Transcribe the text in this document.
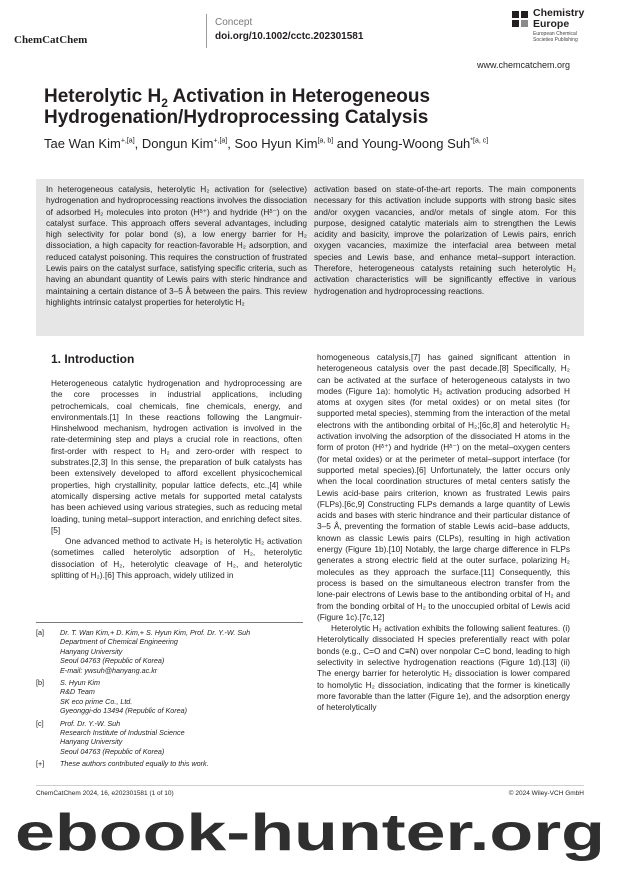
ChemCatChem
Concept
doi.org/10.1002/cctc.202301581
Chemistry
Europe
European Chemical
Societies Publishing
www.chemcatchem.org
Heterolytic $H_2$ Activation in Heterogeneous
Hydrogenation/Hydroprocessing Catalysis
Tae Wan Kim$^{+,[a]}$, Dongun Kim$^{+,[a]}$, Soo Hyun Kim[a, b] and Young-Woong Suh$^{*[a, c]}$
In heterogeneous catalysis, heterolytic H₂ activation for (selective) hydrogenation and hydroprocessing reactions involves the dissociation of adsorbed H₂ molecules into proton (Hᵟ⁺) and hydride (Hᵟ⁻) on the catalyst surface. This approach offers several advantages, including high selectivity for polar bond (s), a low energy barrier for H₂ dissociation, a high capacity for reaction-favorable H₂ adsorption, and reduced catalyst poisoning. This requires the construction of frustrated Lewis pairs on the catalyst surface, satisfying specific criteria, such as having an abundant quantity of Lewis pairs with steric hindrance and maintaining a certain distance of 3–5 Å between the pairs. This review highlights intrinsic catalyst properties for heterolytic H₂
activation based on state-of-the-art reports. The main components necessary for this activation include supports with strong basic sites and/or oxygen vacancies, and/or metals of single atom. For this purpose, designed catalytic materials aim to strengthen the Lewis acidity and basicity, improve the polarization of Lewis pairs, enrich oxygen vacancies, maximize the interfacial area between metal species and Lewis base, and enhance metal–support interaction. Therefore, heterogeneous catalysts retaining such heterolytic H₂ activation characteristics will be significantly effective in various hydrogenation and hydroprocessing reactions.
1. Introduction

Heterogeneous catalytic hydrogenation and hydroprocessing are the core processes in industrial applications, including petrochemicals, coal chemicals, fine chemicals, energy, and environmentals.[1] In these reactions following the Langmuir-Hinshelwood mechanism, hydrogen activation is involved in the rate-determining step and plays a crucial role in reactions, often first-order with respect to H₂ and zero-order with respect to substrates.[2,3] In this sense, the preparation of bulk catalysts has been extensively developed to afford excellent physicochemical properties, high crystallinity, popular lattice defects, etc.,[4] while atomically dispersing active metals for supported metal catalysts has been achieved using various strategies, such as reducing metal loading, tuning metal–support interaction, and enriching defect sites.[5]

One advanced method to activate H₂ is heterolytic H₂ activation (sometimes called heterolytic adsorption of H₂, heterolytic dissociation of H₂, heterolytic cleavage of H₂, and heterolytic splitting of H₂).[6] This approach, widely utilized in

homogeneous catalysis,[7] has gained significant attention in heterogeneous catalysis over the past decade.[8] Specifically, H₂ can be activated at the surface of heterogeneous catalysts in two modes (Figure 1a): homolytic H₂ activation producing adsorbed H atoms at oxygen sites (for metal oxides) or on metal sites (for supported metal species), stemming from the interaction of the metal electrons with the antibonding orbital of H₂;[6c,8] and heterolytic H₂ activation involving the adsorption of the dissociated H atoms in the form of proton (Hᵟ⁺) and hydride (Hᵟ⁻) on the metal–oxygen centers (for metal oxides) or at the perimeter of metal–support interface (for supported metal species).[6] Unfortunately, the latter occurs only when the local coordination structures of metal centers satisfy the Lewis acid-base pairs criterion, known as frustrated Lewis pairs (FLPs).[6c,9] Constructing FLPs demands a large quantity of Lewis acids and bases with steric hindrance and their particular distance of 3–5 Å, preventing the formation of stable Lewis acid–base adducts, known as classic Lewis pairs (CLPs), resulting in high activation energy (Figure 1b).[10] Notably, the large charge difference in FLPs generates a strong electric field at the outer surface, polarizing H₂ molecules as they approach the surface.[11] Consequently, this process is based on the simultaneous electron transfer from the lone-pair electrons of Lewis base to the antibonding orbital of H₂ and from the bonding orbital of H₂ to the unoccupied orbital of Lewis acid (Figure 1c).[7c,12]

Heterolytic H₂ activation exhibits the following salient features. (i) Heterolytically dissociated H species preferentially react with polar bonds (e.g., C=O and C≡N) over nonpolar C=C bond, leading to high selectivity in selective hydrogenation reactions (Figure 1d).[13] (ii) The energy barrier for heterolytic H₂ dissociation is lower compared to homolytic H₂ dissociation, indicating that the former is kinetically more favorable than the latter (Figure 1e), and the adsorption energy of heterolytically

[a] Dr. T. Wan Kim,+ D. Kim,+ S. Hyun Kim, Prof. Dr. Y.-W. Suh
Department of Chemical Engineering
Hanyang University
Seoul 04763 (Republic of Korea)
E-mail: ywsuh@hanyang.ac.kr
[b] S. Hyun Kim
R&D Team
SK eco prime Co., Ltd.
Gyeonggi-do 13494 (Republic of Korea)
[c] Prof. Dr. Y.-W. Suh
Research Institute of Industrial Science
Hanyang University
Seoul 04763 (Republic of Korea)
[+] These authors contributed equally to this work.
ChemCatChem 2024, 16, e202301581 (1 of 10)	© 2024 Wiley-VCH GmbH
ebook-hunter.org
